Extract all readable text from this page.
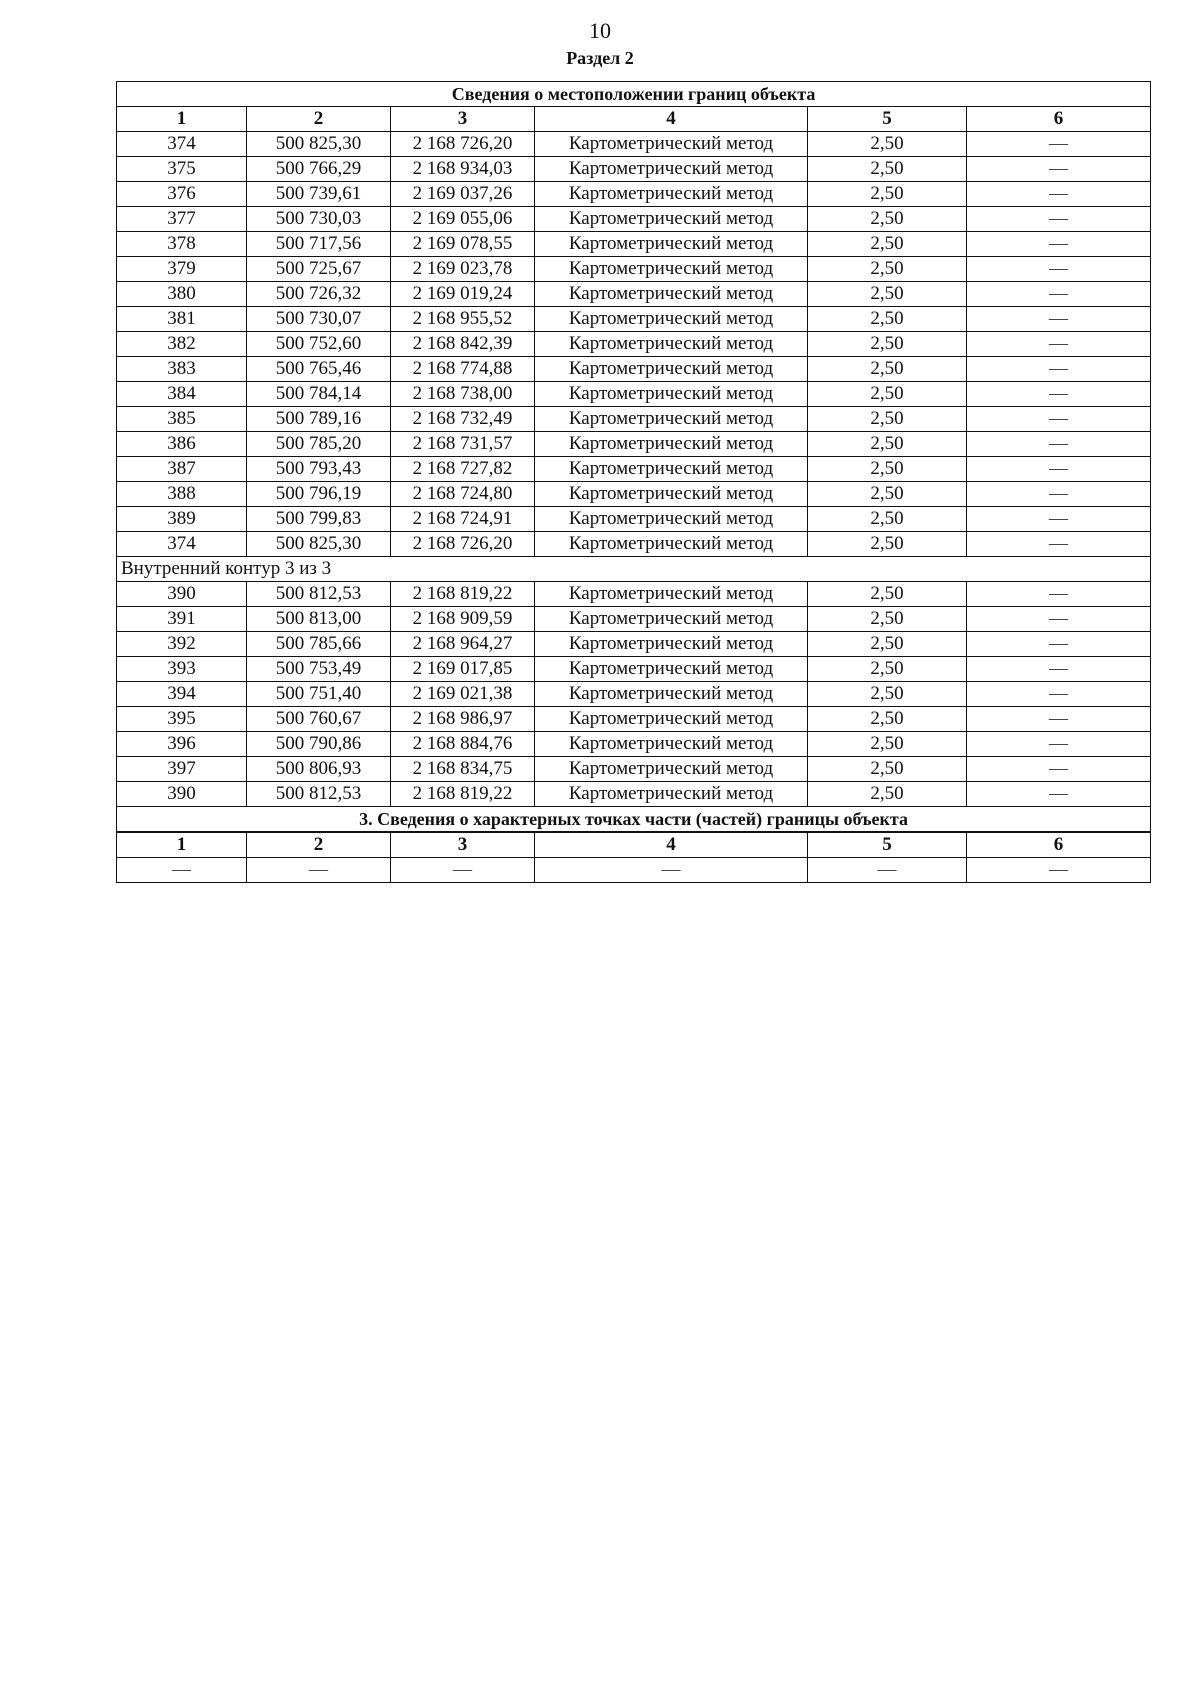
10
Раздел 2
Сведения о местоположении границ объекта					
1	2	3	4	5	6
374	500 825,30	2 168 726,20	Картометрический метод	2,50	—
375	500 766,29	2 168 934,03	Картометрический метод	2,50	—
376	500 739,61	2 169 037,26	Картометрический метод	2,50	—
377	500 730,03	2 169 055,06	Картометрический метод	2,50	—
378	500 717,56	2 169 078,55	Картометрический метод	2,50	—
379	500 725,67	2 169 023,78	Картометрический метод	2,50	—
380	500 726,32	2 169 019,24	Картометрический метод	2,50	—
381	500 730,07	2 168 955,52	Картометрический метод	2,50	—
382	500 752,60	2 168 842,39	Картометрический метод	2,50	—
383	500 765,46	2 168 774,88	Картометрический метод	2,50	—
384	500 784,14	2 168 738,00	Картометрический метод	2,50	—
385	500 789,16	2 168 732,49	Картометрический метод	2,50	—
386	500 785,20	2 168 731,57	Картометрический метод	2,50	—
387	500 793,43	2 168 727,82	Картометрический метод	2,50	—
388	500 796,19	2 168 724,80	Картометрический метод	2,50	—
389	500 799,83	2 168 724,91	Картометрический метод	2,50	—
374	500 825,30	2 168 726,20	Картометрический метод	2,50	—
Внутренний контур 3 из 3					
390	500 812,53	2 168 819,22	Картометрический метод	2,50	—
391	500 813,00	2 168 909,59	Картометрический метод	2,50	—
392	500 785,66	2 168 964,27	Картометрический метод	2,50	—
393	500 753,49	2 169 017,85	Картометрический метод	2,50	—
394	500 751,40	2 169 021,38	Картометрический метод	2,50	—
395	500 760,67	2 168 986,97	Картометрический метод	2,50	—
396	500 790,86	2 168 884,76	Картометрический метод	2,50	—
397	500 806,93	2 168 834,75	Картометрический метод	2,50	—
390	500 812,53	2 168 819,22	Картометрический метод	2,50	—
3. Сведения о характерных точках части (частей) границы объекта					
1	2	3	4	5	6
—	—	—	—	—	—
